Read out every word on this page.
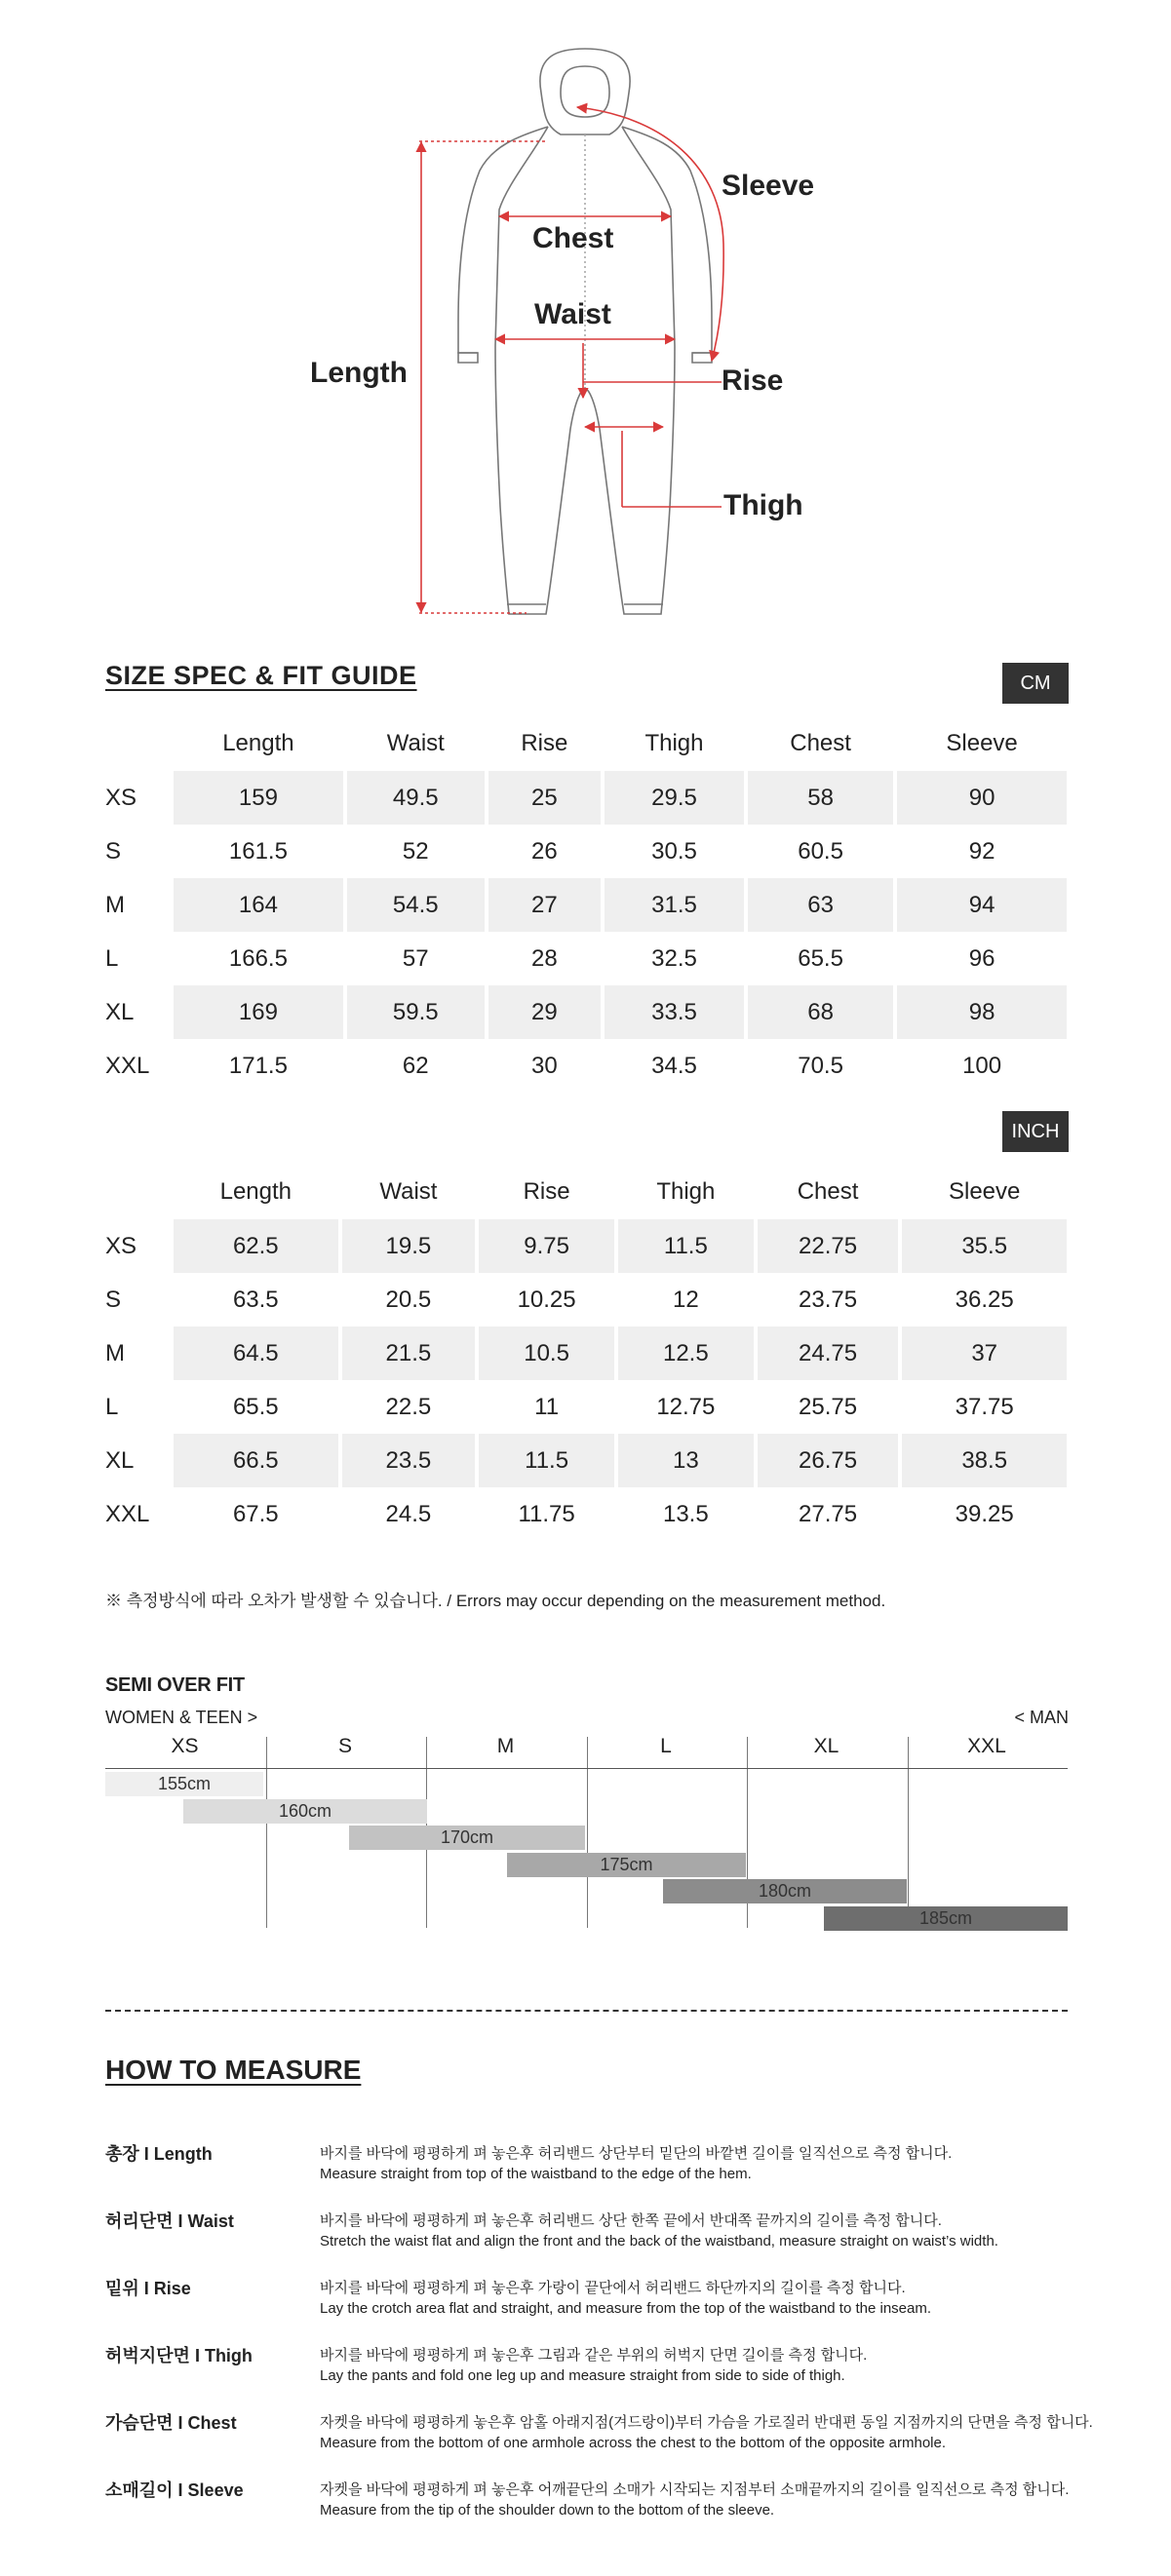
Sleeve
Chest
Waist
Length	Rise
Thigh
SIZE SPEC & FIT GUIDE	CM
	Length	Waist	Rise	Thigh	Chest	Sleeve
XS	159	49.5	25	29.5	58	90
S	161.5	52	26	30.5	60.5	92
M	164	54.5	27	31.5	63	94
L	166.5	57	28	32.5	65.5	96
XL	169	59.5	29	33.5	68	98
XXL	171.5	62	30	34.5	70.5	100
INCH
	Length	Waist	Rise	Thigh	Chest	Sleeve
XS	62.5	19.5	9.75	11.5	22.75	35.5
S	63.5	20.5	10.25	12	23.75	36.25
M	64.5	21.5	10.5	12.5	24.75	37
L	65.5	22.5	11	12.75	25.75	37.75
XL	66.5	23.5	11.5	13	26.75	38.5
XXL	67.5	24.5	11.75	13.5	27.75	39.25
※ 측정방식에 따라 오차가 발생할 수 있습니다. / Errors may occur depending on the measurement method.
SEMI OVER FIT
WOMEN & TEEN >	< MAN
XS	S	M	L	XL	XXL
155cm
160cm
170cm
175cm
180cm
185cm
HOW TO MEASURE
총장 I Length	바지를 바닥에 평평하게 펴 놓은후 허리밴드 상단부터 밑단의 바깥변 길이를 일직선으로 측정 합니다.
Measure straight from top of the waistband to the edge of the hem.
허리단면 I Waist	바지를 바닥에 평평하게 펴 놓은후 허리밴드 상단 한쪽 끝에서 반대쪽 끝까지의 길이를 측정 합니다.
Stretch the waist flat and align the front and the back of the waistband, measure straight on waist’s width.
밑위 I Rise	바지를 바닥에 평평하게 펴 놓은후 가랑이 끝단에서 허리밴드 하단까지의 길이를 측정 합니다.
Lay the crotch area flat and straight, and measure from the top of the waistband to the inseam.
허벅지단면 I Thigh	바지를 바닥에 평평하게 펴 놓은후 그림과 같은 부위의 허벅지 단면 길이를 측정 합니다.
Lay the pants and fold one leg up and measure straight from side to side of thigh.
가슴단면 I Chest	자켓을 바닥에 평평하게 놓은후 암홀 아래지점(겨드랑이)부터 가슴을 가로질러 반대편 동일 지점까지의 단면을 측정 합니다.
Measure from the bottom of one armhole across the chest to the bottom of the opposite armhole.
소매길이 I Sleeve	자켓을 바닥에 평평하게 펴 놓은후 어깨끝단의 소매가 시작되는 지점부터 소매끝까지의 길이를 일직선으로 측정 합니다.
Measure from the tip of the shoulder down to the bottom of the sleeve.
